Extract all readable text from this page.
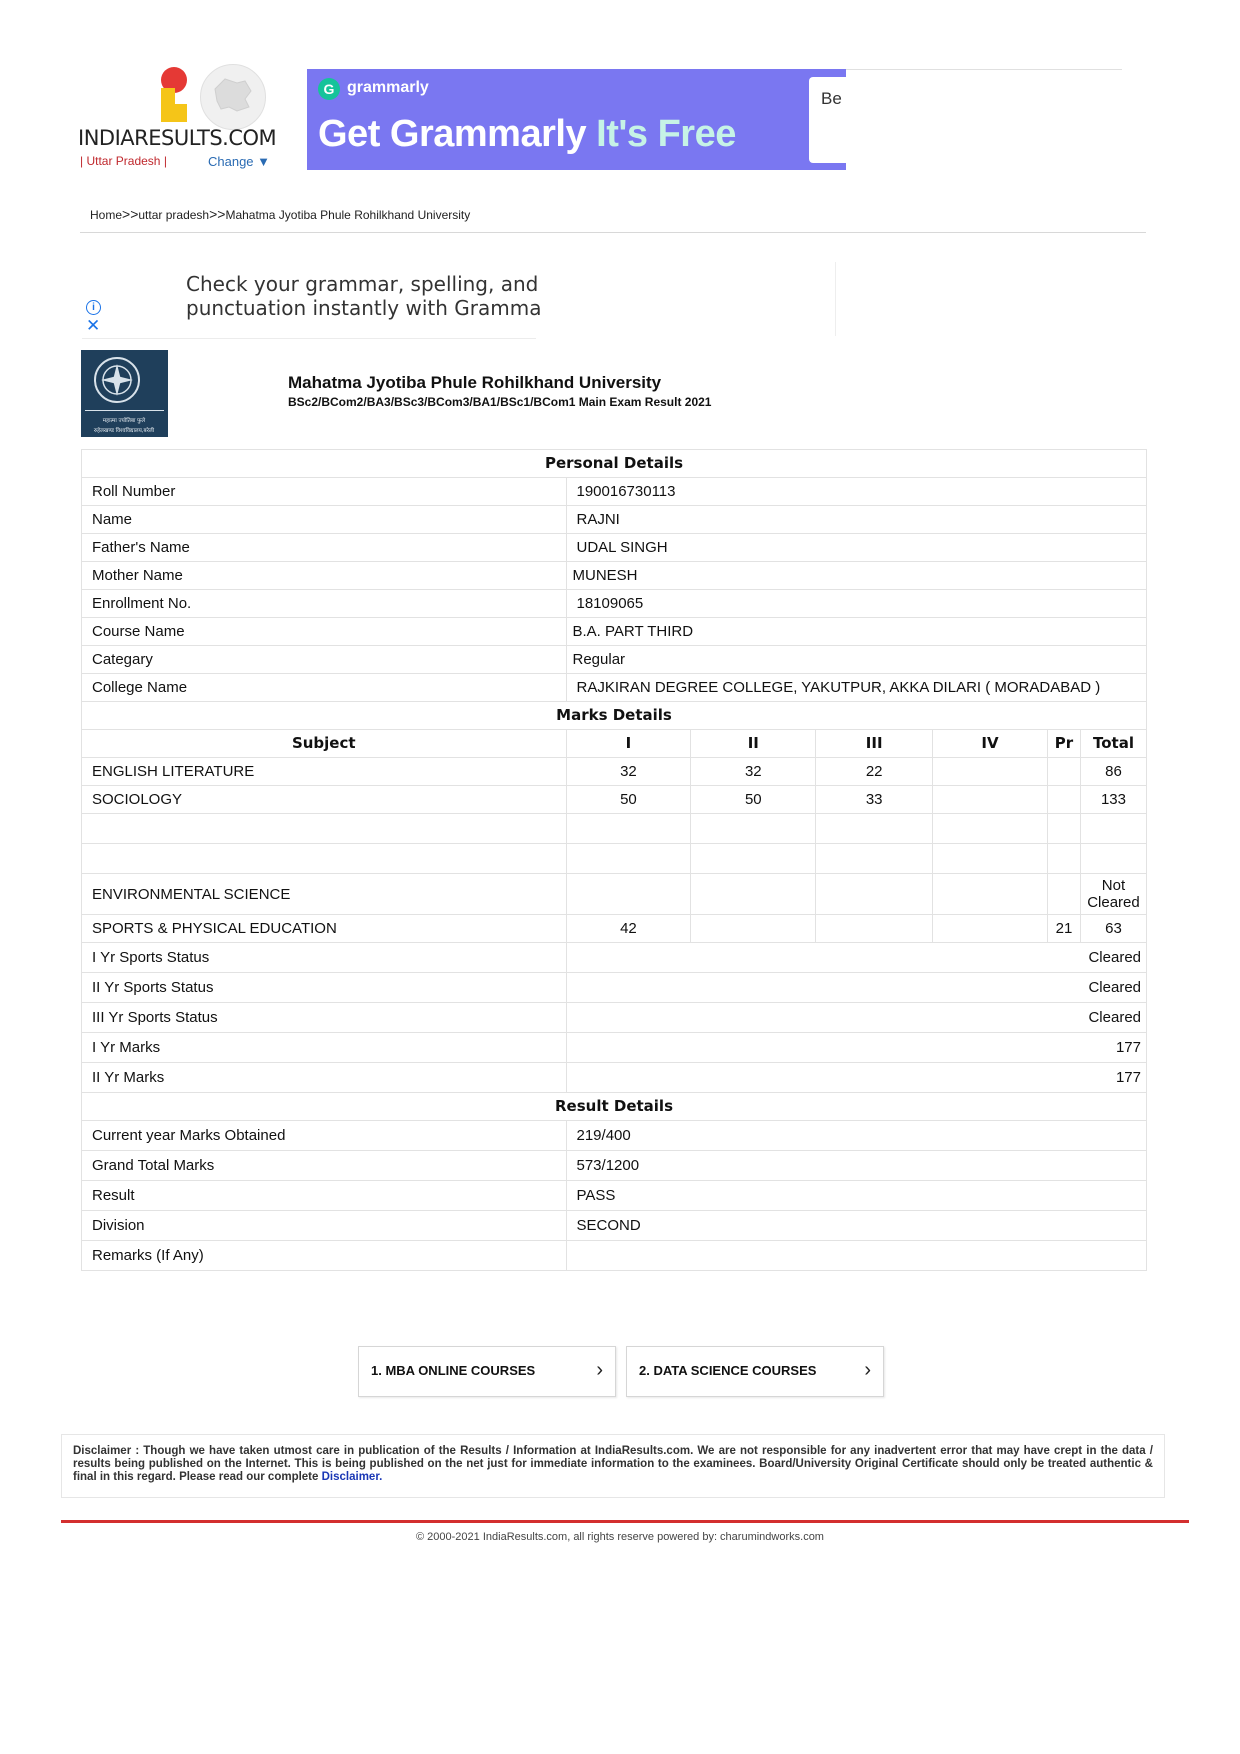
INDIARESULTS.COM
| Uttar Pradesh |	Change ▼
G grammarly
Get Grammarly It's Free
Be
Home>>uttar pradesh>>Mahatma Jyotiba Phule Rohilkhand University
i
✕
Check your grammar, spelling, and
punctuation instantly with Gramma
महात्मा ज्योतिबा फुले
रुहेलखण्ड विश्वविद्यालय,बरेली
Mahatma Jyotiba Phule Rohilkhand University
BSc2/BCom2/BA3/BSc3/BCom3/BA1/BSc1/BCom1 Main Exam Result 2021
Personal Details						
Roll Number	190016730113					
Name	RAJNI					
Father's Name	UDAL SINGH					
Mother Name	MUNESH					
Enrollment No.	18109065					
Course Name	B.A. PART THIRD					
Categary	Regular					
College Name	RAJKIRAN DEGREE COLLEGE, YAKUTPUR, AKKA DILARI ( MORADABAD )					
Marks Details						
Subject	I	II	III	IV	Pr	Total
ENGLISH LITERATURE	32	32	22			86
SOCIOLOGY	50	50	33			133

ENVIRONMENTAL SCIENCE						Not
Cleared
SPORTS & PHYSICAL EDUCATION	42				21	63
I Yr Sports Status	Cleared					
II Yr Sports Status	Cleared					
III Yr Sports Status	Cleared					
I Yr Marks	177					
II Yr Marks	177					
Result Details						
Current year Marks Obtained	219/400					
Grand Total Marks	573/1200					
Result	PASS					
Division	SECOND					
Remarks (If Any)						
1. MBA ONLINE COURSES	›	2. DATA SCIENCE COURSES ›
Disclaimer : Though we have taken utmost care in publication of the Results / Information at IndiaResults.com. We are not responsible for any inadvertent error that may have crept in the data / results being published on the Internet. This is being published on the net just for immediate information to the examinees. Board/University Original Certificate should only be treated authentic & final in this regard. Please read our complete Disclaimer.
© 2000-2021 IndiaResults.com, all rights reserve powered by: charumindworks.com
